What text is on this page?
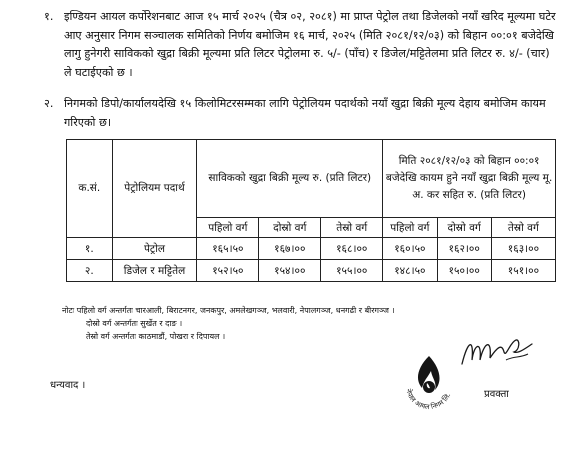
१. इण्डियन आयल कर्पोरेशनबाट आज १५ मार्च २०२५ (चैत्र ०२, २०८१) मा प्राप्त पेट्रोल तथा डिजेलको नयाँ खरिद मूल्यमा घटेर आए अनुसार निगम सञ्चालक समितिको निर्णय बमोजिम १६ मार्च, २०२५ (मिति २०८१/१२/०३) को बिहान ००:०१ बजेदेखि लागु हुनेगरी साविकको खुद्रा बिक्री मूल्यमा प्रति लिटर पेट्रोलमा रु. ५/- (पाँच) र डिजेल/मट्टितेलमा प्रति लिटर रु. ४/- (चार) ले घटाईएको छ ।
२. निगमको डिपो/कार्यालयदेखि १५ किलोमिटरसम्मका लागि पेट्रोलियम पदार्थको नयाँ खुद्रा बिक्री मूल्य देहाय बमोजिम कायम गरिएको छ।
क.सं.	पेट्रोलियम पदार्थ	साविकको खुद्रा बिक्री मूल्य रु. (प्रति लिटर)			मिति २०८१/१२/०३ को बिहान ००:०१ बजेदेखि कायम हुने नयाँ खुद्रा बिक्री मूल्य मू. अ. कर सहित रु. (प्रति लिटर)		
		पहिलो वर्ग	दोस्रो वर्ग	तेस्रो वर्ग	पहिलो वर्ग	दोस्रो वर्ग	तेस्रो वर्ग
१.	पेट्रोल	१६५।५०	१६७।००	१६८।००	१६०।५०	१६२।००	१६३।००
२.	डिजेल र मट्टितेल	१५२।५०	१५४।००	१५५।००	१४८।५०	१५०।००	१५१।००
नोटः पहिलो वर्ग अन्तर्गतः चारआली, बिराटनगर, जनकपुर, अमलेखगञ्ज, भलवारी, नेपालगञ्ज, धनगढी र बीरगञ्ज ।
दोस्रो वर्ग अन्तर्गतः सुर्खेत र दाङ ।
तेस्रो वर्ग अन्तर्गतः काठमाडौं, पोखरा र दिपायल ।
धन्यवाद ।	नेपाल आयल निगम लि.	प्रवक्ता
